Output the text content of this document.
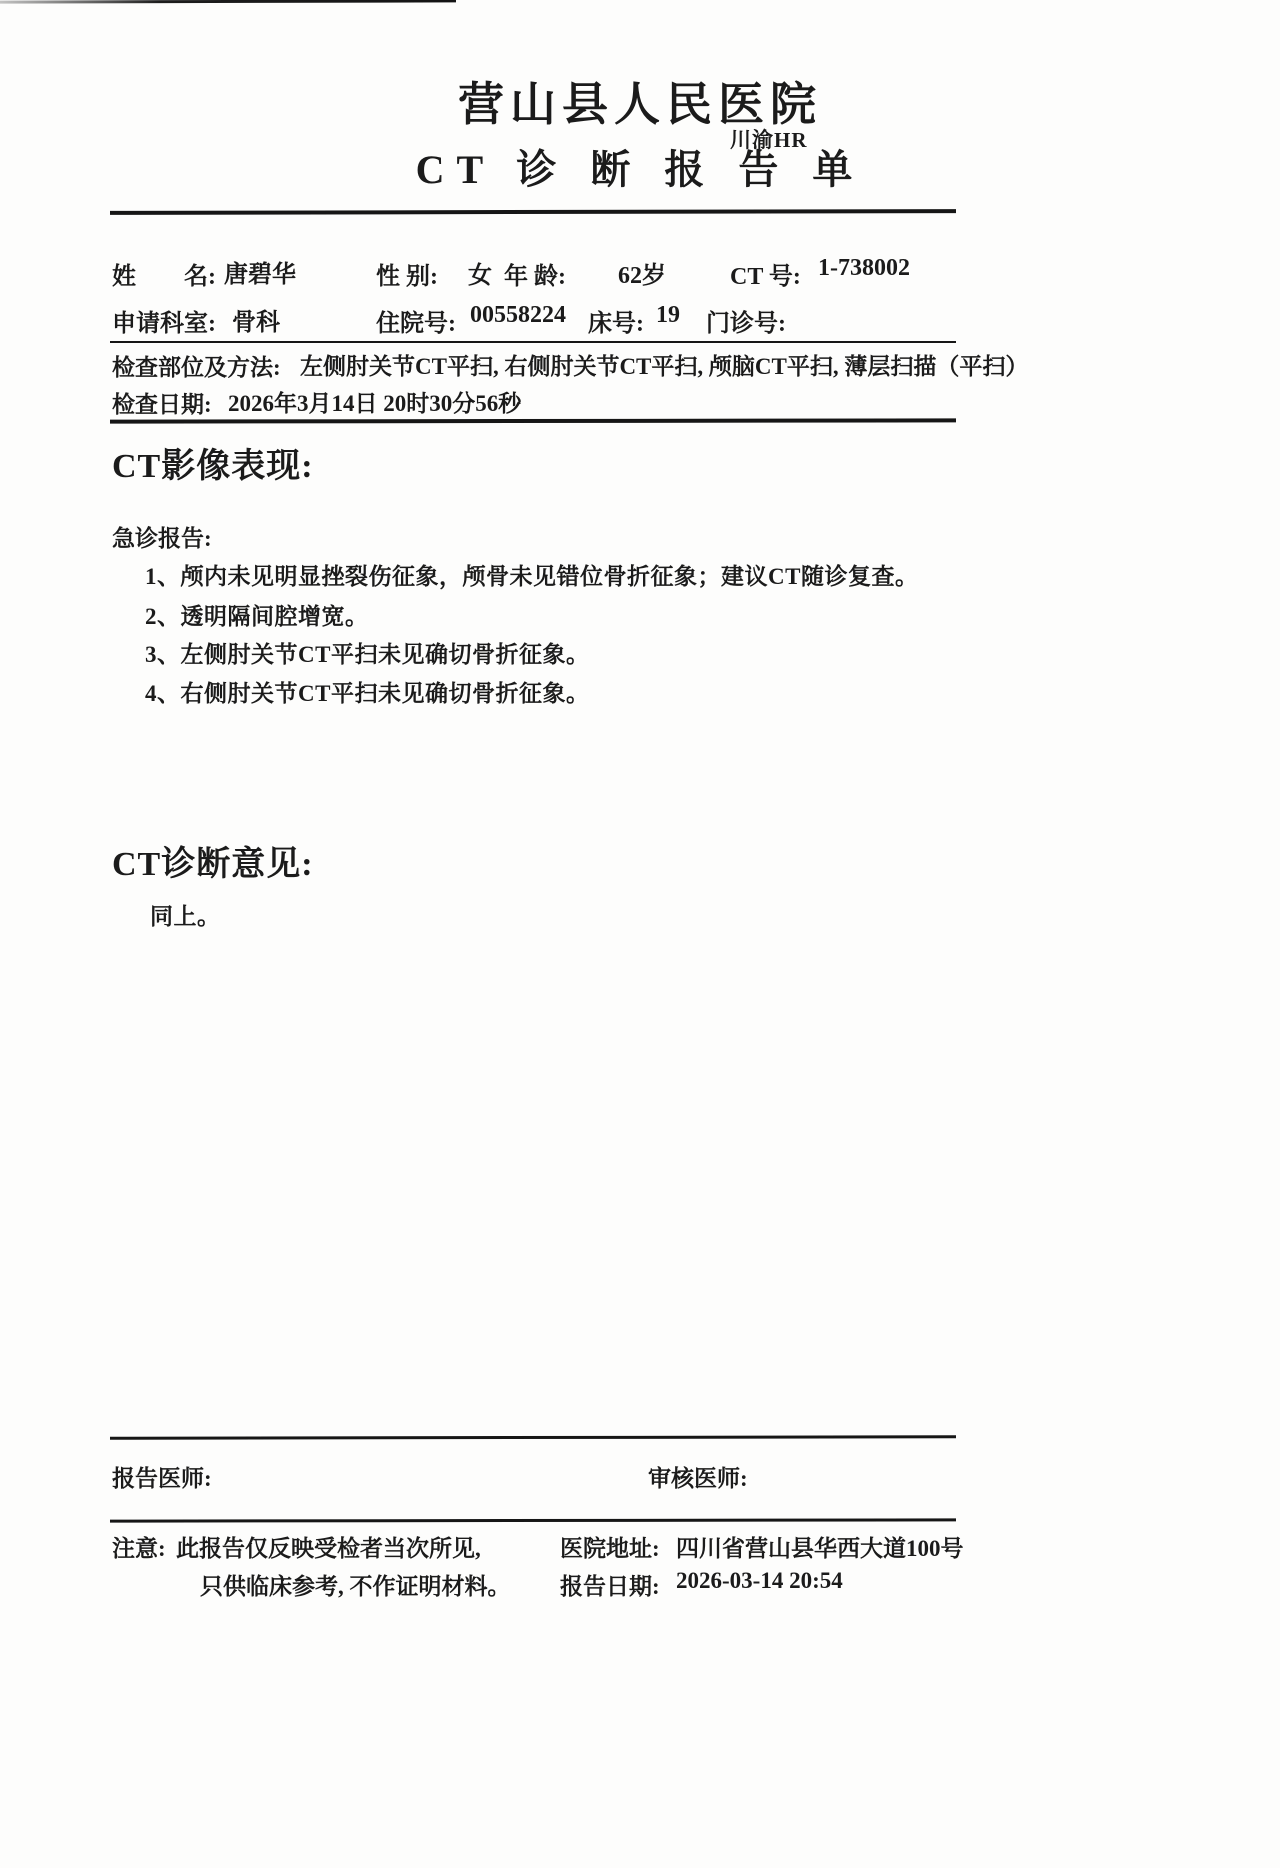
营山县人民医院
川渝HR
CT 诊 断 报 告 单
姓　　名: 唐碧华	性 别: 女 年 龄: 62岁	CT 号: 1-738002
申请科室: 骨科	住院号: 00558224 床号: 19 门诊号:
检查部位及方法: 左侧肘关节CT平扫, 右侧肘关节CT平扫, 颅脑CT平扫, 薄层扫描（平扫）
检查日期: 2026年3月14日 20时30分56秒
CT影像表现:
急诊报告:
1、颅内未见明显挫裂伤征象，颅骨未见错位骨折征象；建议CT随诊复查。
2、透明隔间腔增宽。
3、左侧肘关节CT平扫未见确切骨折征象。
4、右侧肘关节CT平扫未见确切骨折征象。
CT诊断意见:
同上。
报告医师:	审核医师:
注意: 此报告仅反映受检者当次所见,
只供临床参考, 不作证明材料。
医院地址: 四川省营山县华西大道100号
报告日期: 2026-03-14 20:54
